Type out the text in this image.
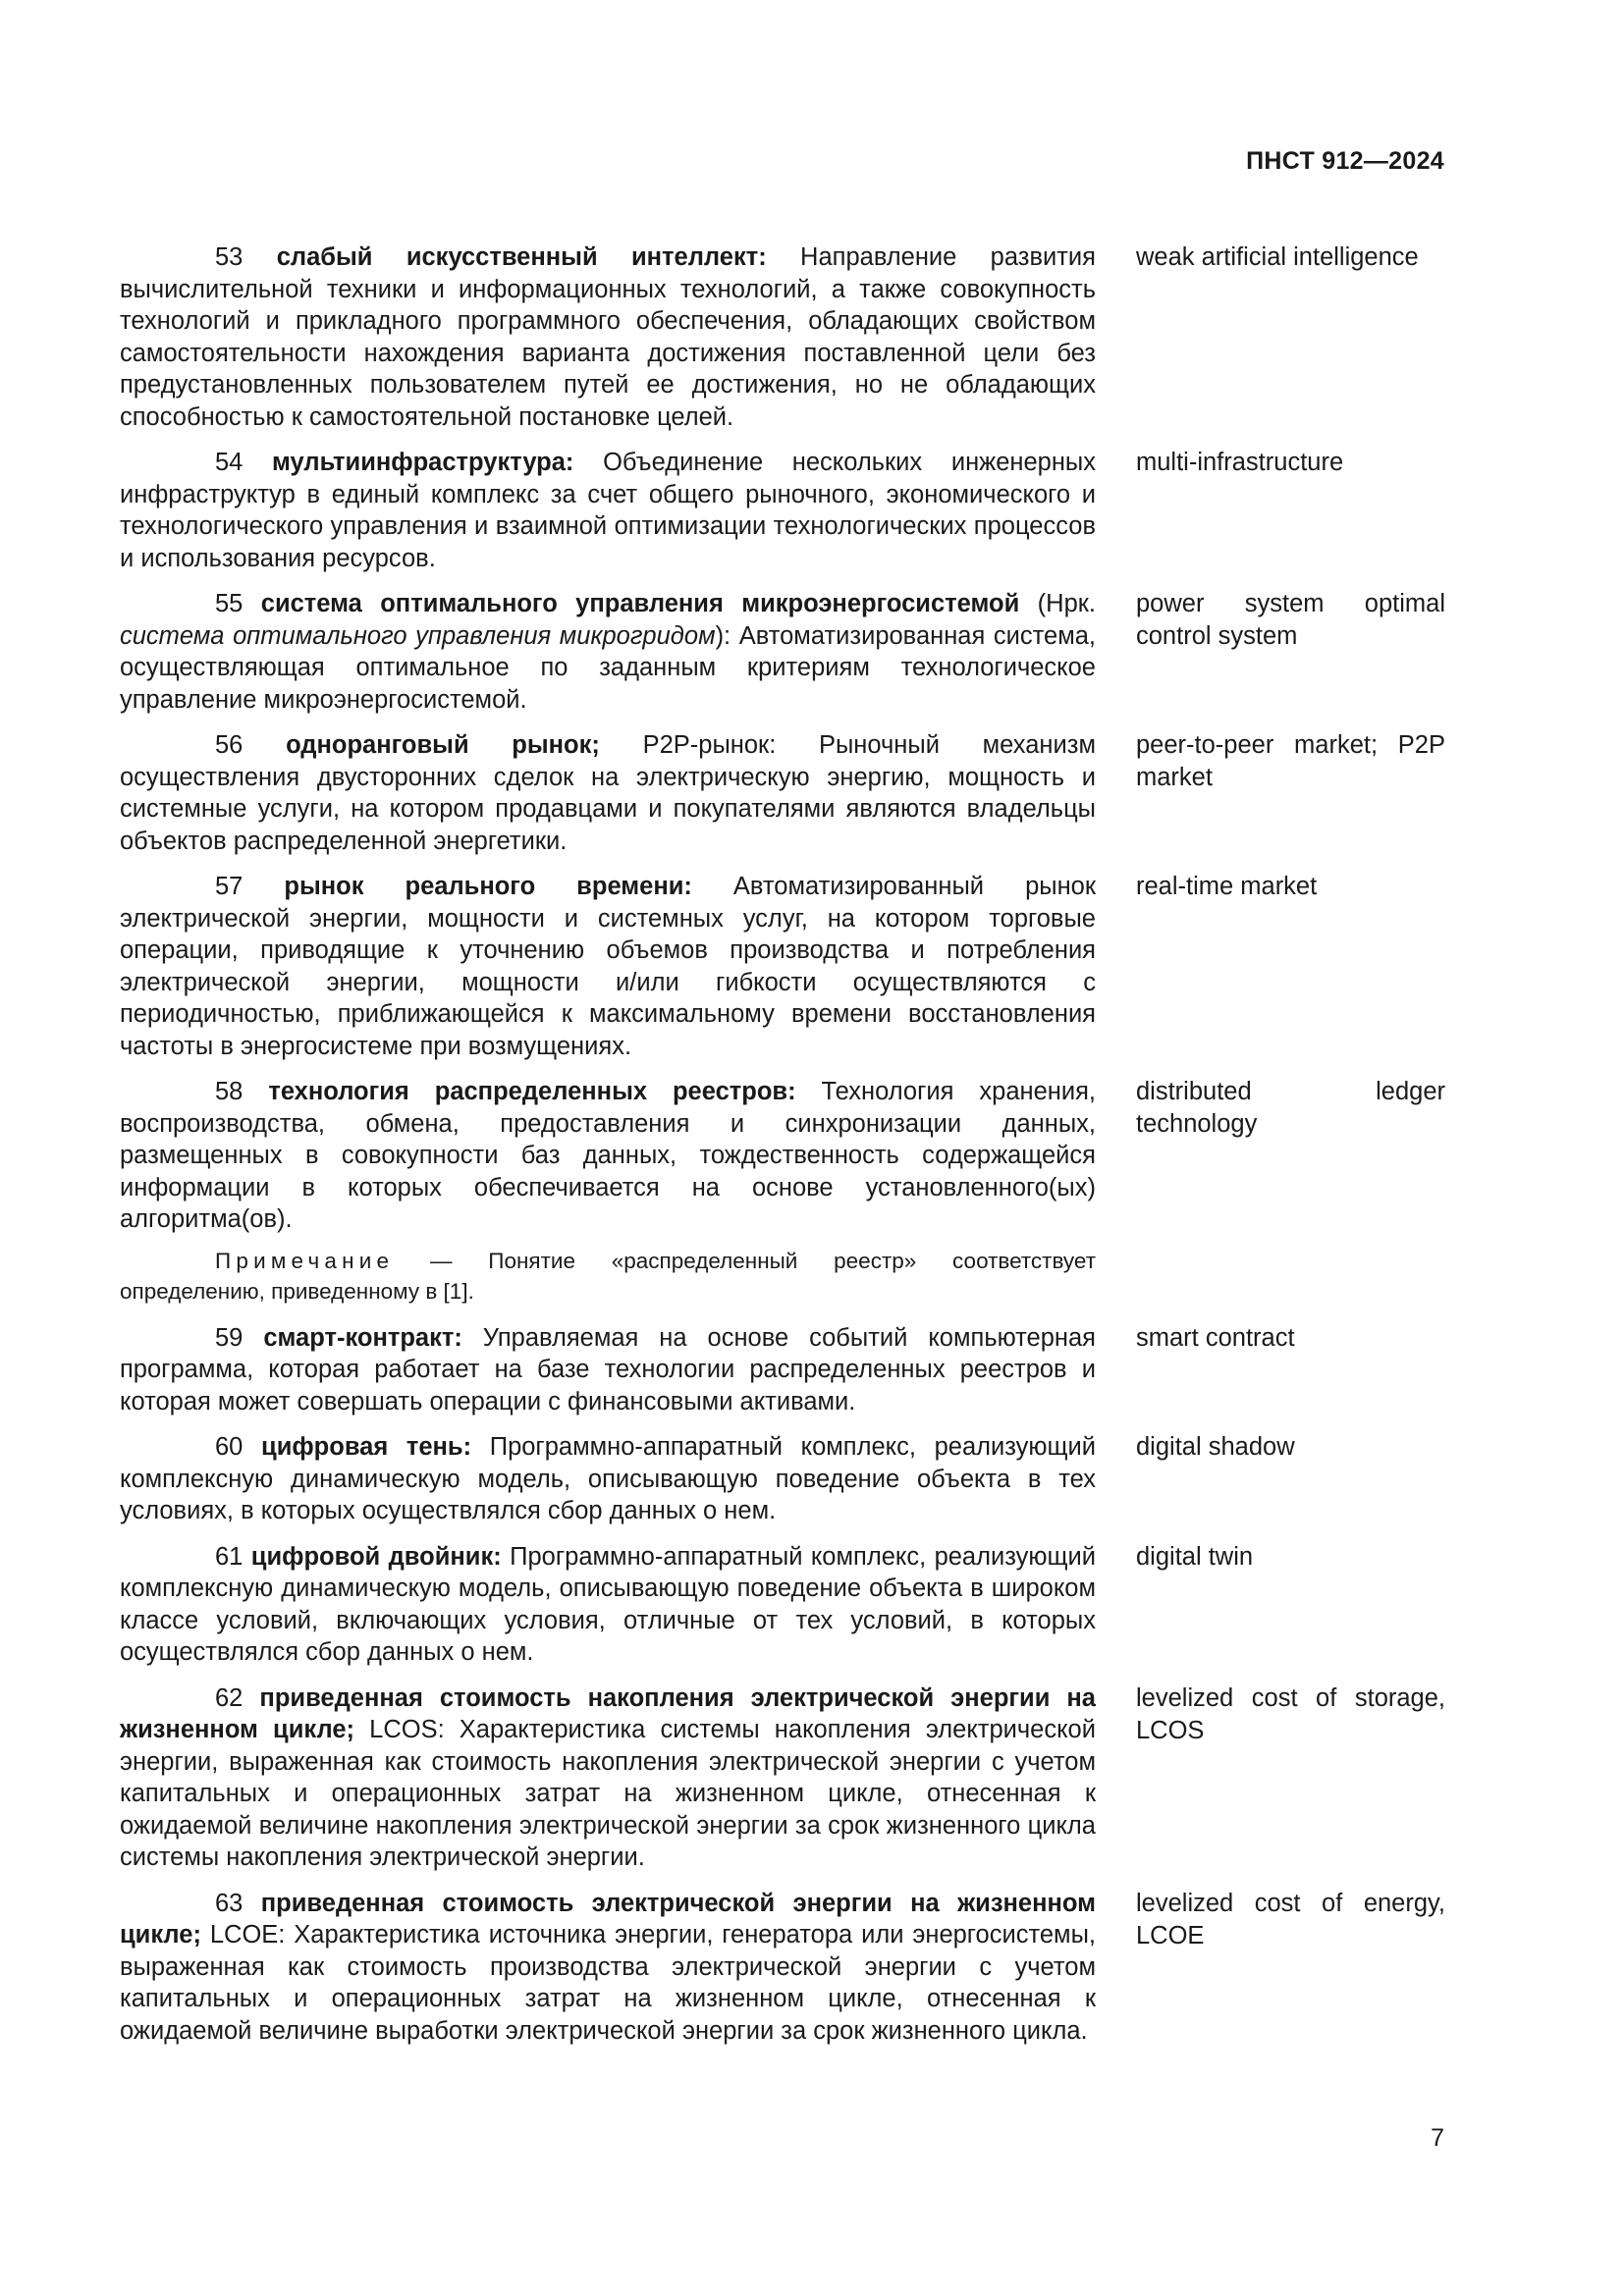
ПНСТ 912—2024
53 слабый искусственный интеллект: Направление развития вычислительной техники и информационных технологий, а также совокупность технологий и прикладного программного обеспечения, обладающих свойством самостоятельности нахождения варианта достижения поставленной цели без предустановленных пользователем путей ее достижения, но не обладающих способностью к самостоятельной постановке целей.
weak artificial intelligence
54 мультиинфраструктура: Объединение нескольких инженерных инфраструктур в единый комплекс за счет общего рыночного, экономического и технологического управления и взаимной оптимизации технологических процессов и использования ресурсов.
multi-infrastructure
55 система оптимального управления микроэнергосистемой (Нрк. система оптимального управления микрогридом): Автоматизированная система, осуществляющая оптимальное по заданным критериям технологическое управление микроэнергосистемой.
power system optimal control system
56 одноранговый рынок; P2P-рынок: Рыночный механизм осуществления двусторонних сделок на электрическую энергию, мощность и системные услуги, на котором продавцами и покупателями являются владельцы объектов распределенной энергетики.
peer-to-peer market; P2P market
57 рынок реального времени: Автоматизированный рынок электрической энергии, мощности и системных услуг, на котором торговые операции, приводящие к уточнению объемов производства и потребления электрической энергии, мощности и/или гибкости осуществляются с периодичностью, приближающейся к максимальному времени восстановления частоты в энергосистеме при возмущениях.
real-time market
58 технология распределенных реестров: Технология хранения, воспроизводства, обмена, предоставления и синхронизации данных, размещенных в совокупности баз данных, тождественность содержащейся информации в которых обеспечивается на основе установленного(ых) алгоритма(ов).
distributed ledger technology
Примечание — Понятие «распределенный реестр» соответствует определению, приведенному в [1].
59 смарт-контракт: Управляемая на основе событий компьютерная программа, которая работает на базе технологии распределенных реестров и которая может совершать операции с финансовыми активами.
smart contract
60 цифровая тень: Программно-аппаратный комплекс, реализующий комплексную динамическую модель, описывающую поведение объекта в тех условиях, в которых осуществлялся сбор данных о нем.
digital shadow
61 цифровой двойник: Программно-аппаратный комплекс, реализующий комплексную динамическую модель, описывающую поведение объекта в широком классе условий, включающих условия, отличные от тех условий, в которых осуществлялся сбор данных о нем.
digital twin
62 приведенная стоимость накопления электрической энергии на жизненном цикле; LCOS: Характеристика системы накопления электрической энергии, выраженная как стоимость накопления электрической энергии с учетом капитальных и операционных затрат на жизненном цикле, отнесенная к ожидаемой величине накопления электрической энергии за срок жизненного цикла системы накопления электрической энергии.
levelized cost of storage, LCOS
63 приведенная стоимость электрической энергии на жизненном цикле; LCOE: Характеристика источника энергии, генератора или энергосистемы, выраженная как стоимость производства электрической энергии с учетом капитальных и операционных затрат на жизненном цикле, отнесенная к ожидаемой величине выработки электрической энергии за срок жизненного цикла.
levelized cost of energy, LCOE
7
